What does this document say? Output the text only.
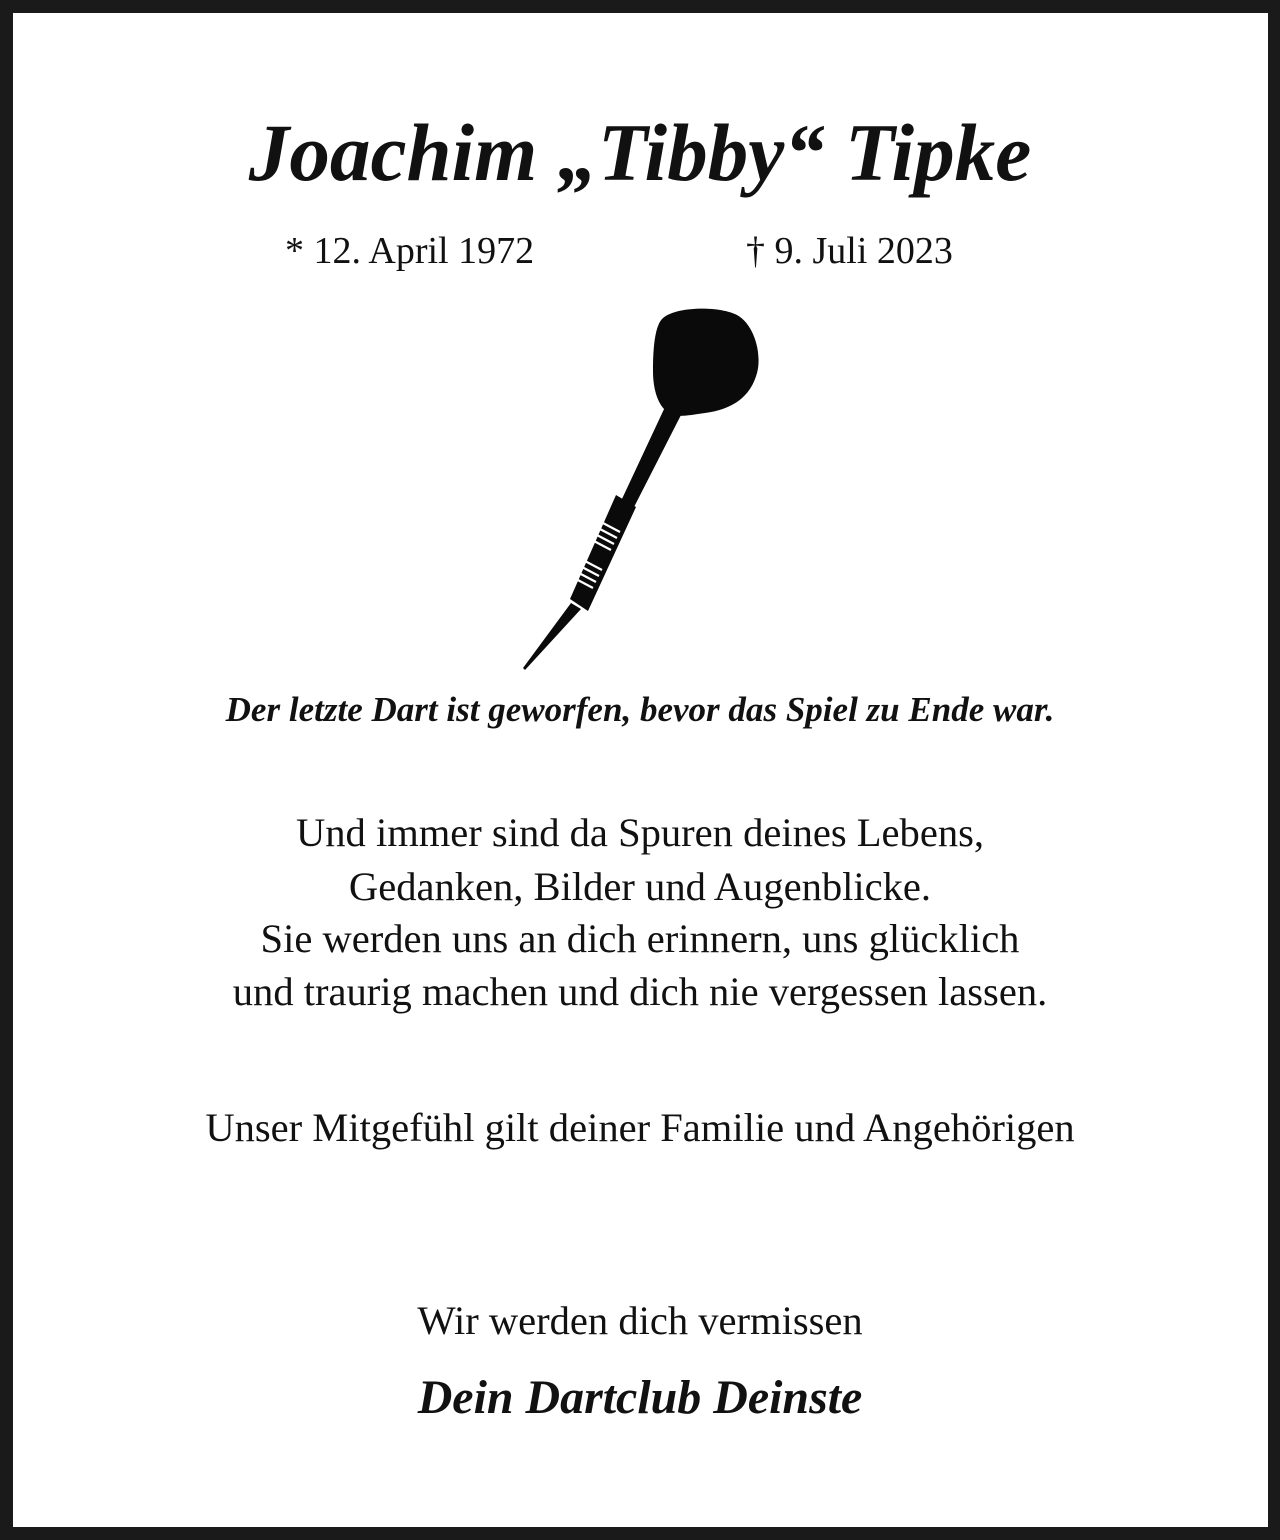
Joachim „Tibby“ Tipke
* 12. April 1972	† 9. Juli 2023
Der letzte Dart ist geworfen, bevor das Spiel zu Ende war.
Und immer sind da Spuren deines Lebens,
Gedanken, Bilder und Augenblicke.
Sie werden uns an dich erinnern, uns glücklich
und traurig machen und dich nie vergessen lassen.
Unser Mitgefühl gilt deiner Familie und Angehörigen
Wir werden dich vermissen
Dein Dartclub Deinste
